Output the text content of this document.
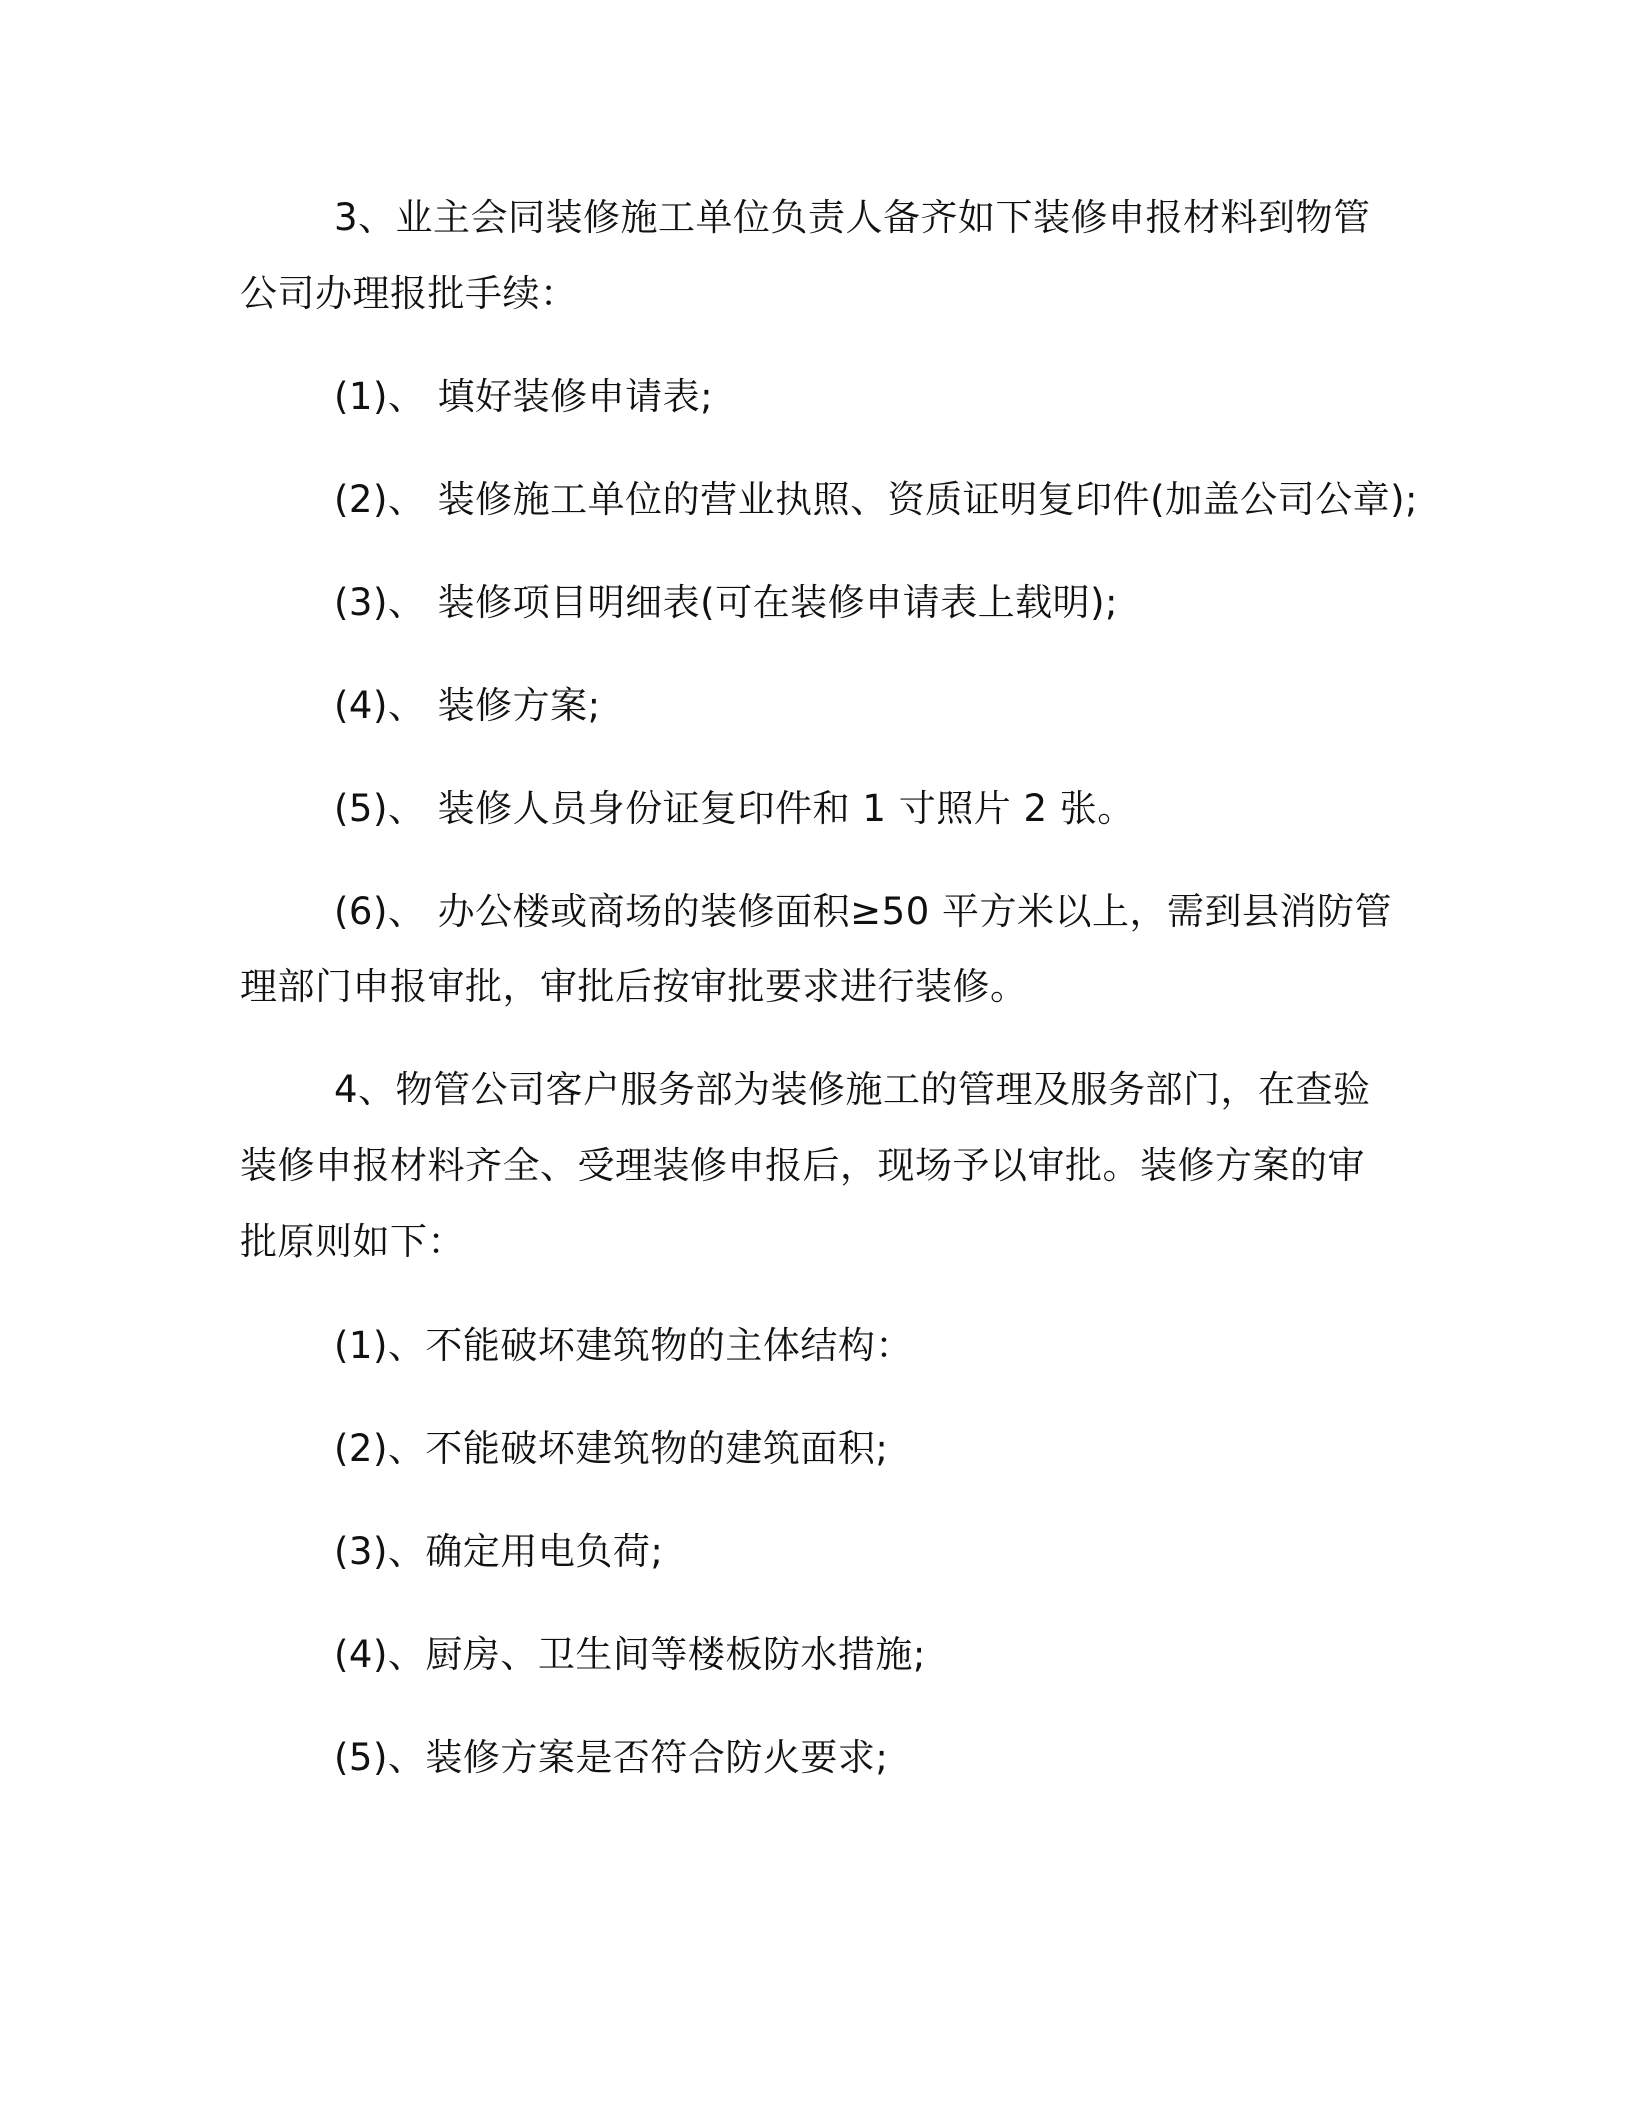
3、业主会同装修施工单位负责人备齐如下装修申报材料到物管
公司办理报批手续：
(1)、 填好装修申请表;
(2)、 装修施工单位的营业执照、资质证明复印件(加盖公司公章);
(3)、 装修项目明细表(可在装修申请表上载明);
(4)、 装修方案;
(5)、 装修人员身份证复印件和 1 寸照片 2 张。
(6)、 办公楼或商场的装修面积≥50 平方米以上，需到县消防管
理部门申报审批，审批后按审批要求进行装修。
4、物管公司客户服务部为装修施工的管理及服务部门，在查验
装修申报材料齐全、受理装修申报后，现场予以审批。装修方案的审
批原则如下：
(1)、不能破坏建筑物的主体结构：
(2)、不能破坏建筑物的建筑面积;
(3)、确定用电负荷;
(4)、厨房、卫生间等楼板防水措施;
(5)、装修方案是否符合防火要求;
